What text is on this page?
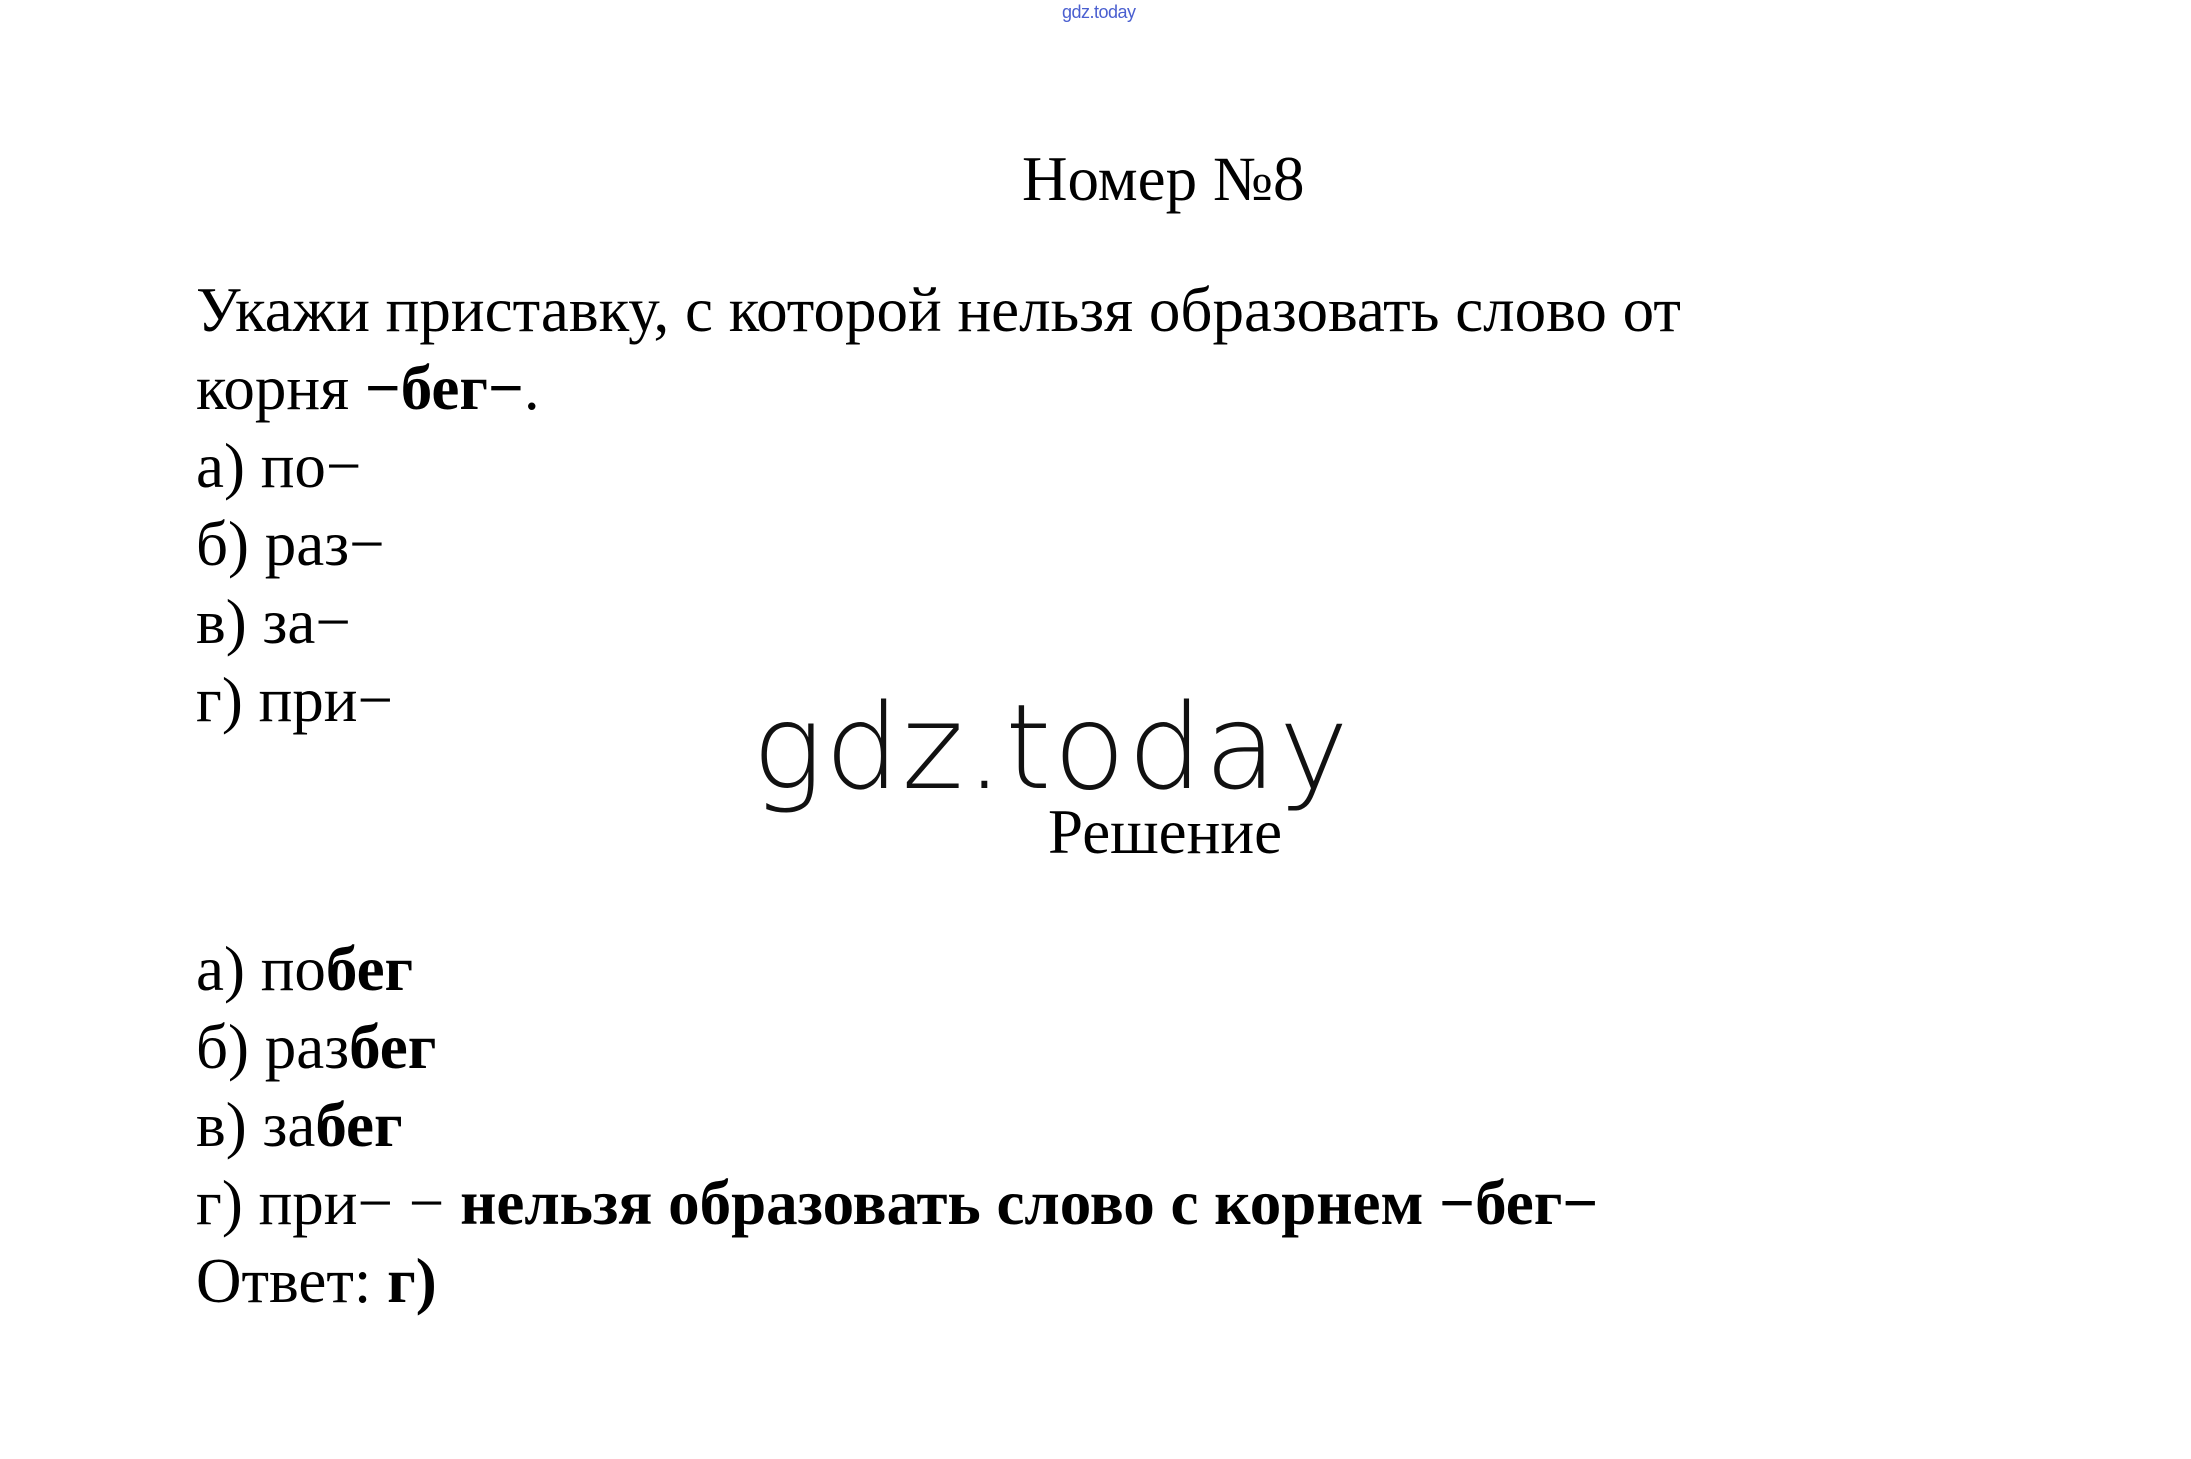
gdz.today
Номер №8
Укажи приставку, с которой нельзя образовать слово от
корня −бег−.
а) по−
б) раз−
в) за−
г) при−	gdz.today
Решение
а) побег
б) разбег
в) забег
г) при− − нельзя образовать слово с корнем −бег−
Ответ: г)
